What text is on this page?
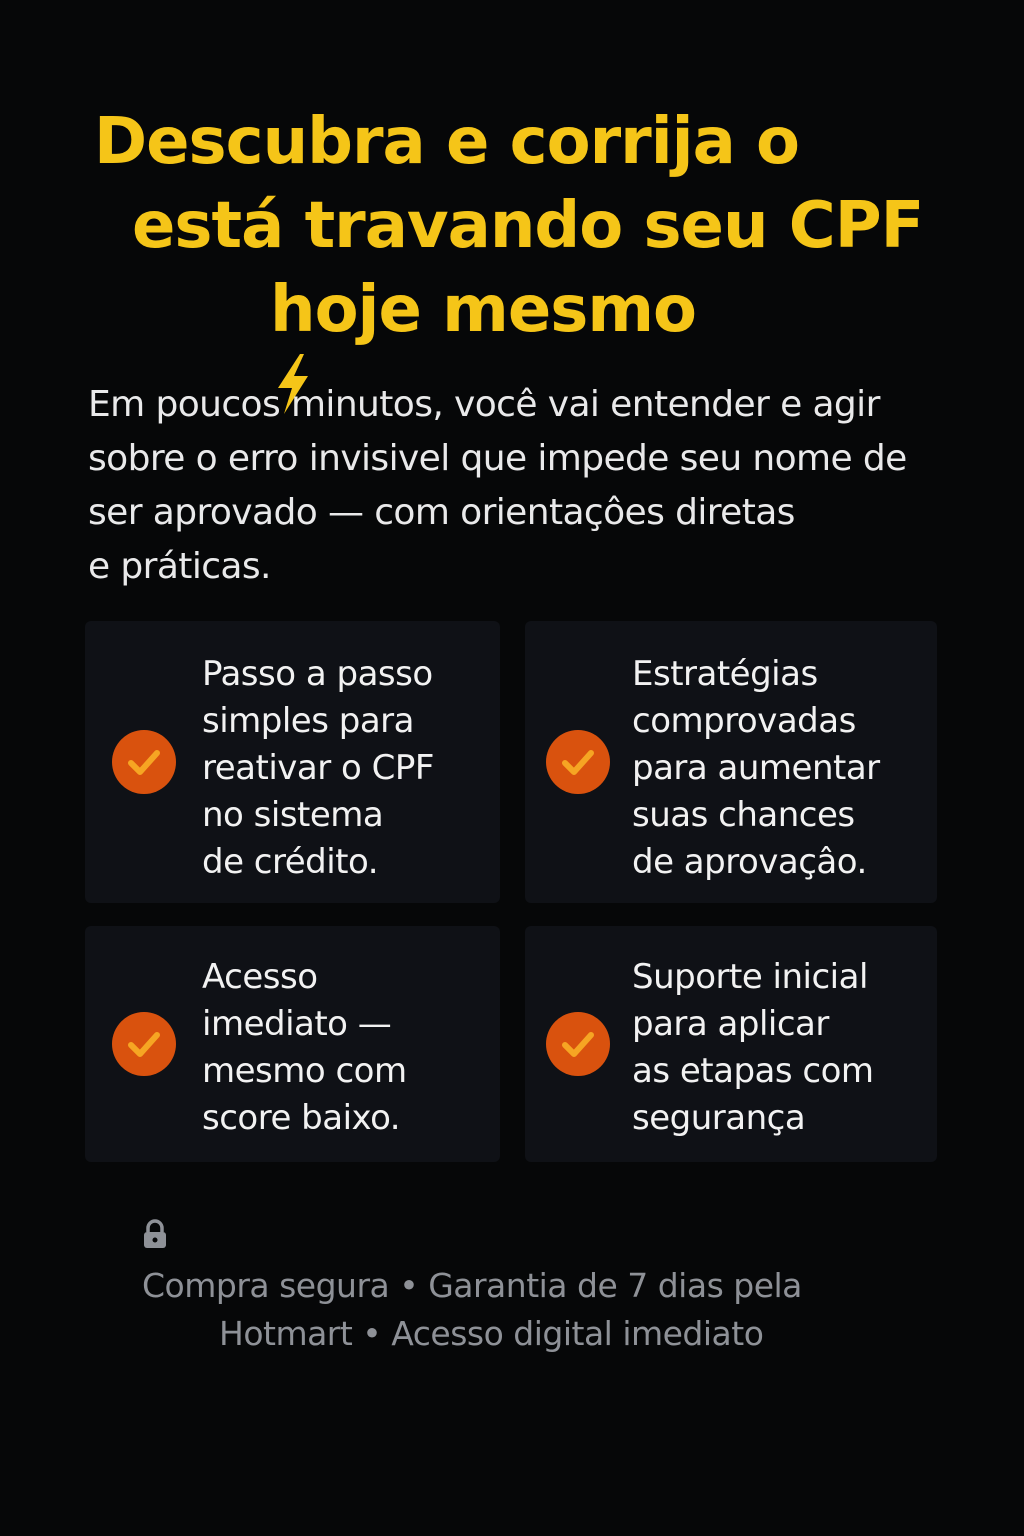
Descubra e corrija o
está travando seu CPF
hoje mesmo

Em poucos minutos, você vai entender e agir
sobre o erro invisivel que impede seu nome de
ser aprovado — com orientaçôes diretas
e práticas.

Passo a passo
simples para
reativar o CPF
no sistema
de crédito.

Estratégias
comprovadas
para aumentar
suas chances
de aprovaçâo.

Acesso
imediato —
mesmo com
score baixo.

Suporte inicial
para aplicar
as etapas com
segurança

Compra segura • Garantia de 7 dias pela
Hotmart • Acesso digital imediato
